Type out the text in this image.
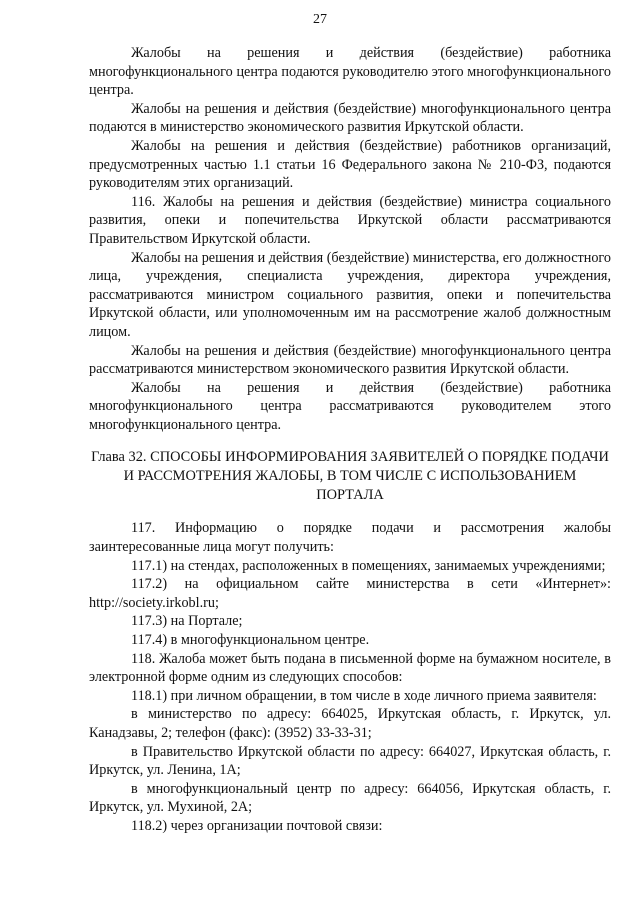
27

Жалобы на решения и действия (бездействие) работника многофункционального центра подаются руководителю этого многофункционального центра.

Жалобы на решения и действия (бездействие) многофункционального центра подаются в министерство экономического развития Иркутской области.

Жалобы на решения и действия (бездействие) работников организаций, предусмотренных частью 1.1 статьи 16 Федерального закона № 210-ФЗ, подаются руководителям этих организаций.

116. Жалобы на решения и действия (бездействие) министра социального развития, опеки и попечительства Иркутской области рассматриваются Правительством Иркутской области.

Жалобы на решения и действия (бездействие) министерства, его должностного лица, учреждения, специалиста учреждения, директора учреждения, рассматриваются министром социального развития, опеки и попечительства Иркутской области, или уполномоченным им на рассмотрение жалоб должностным лицом.

Жалобы на решения и действия (бездействие) многофункционального центра рассматриваются министерством экономического развития Иркутской области.

Жалобы на решения и действия (бездействие) работника многофункционального центра рассматриваются руководителем этого многофункционального центра.

Глава 32. СПОСОБЫ ИНФОРМИРОВАНИЯ ЗАЯВИТЕЛЕЙ О ПОРЯДКЕ ПОДАЧИ И РАССМОТРЕНИЯ ЖАЛОБЫ, В ТОМ ЧИСЛЕ С ИСПОЛЬЗОВАНИЕМ ПОРТАЛА

117. Информацию о порядке подачи и рассмотрения жалобы заинтересованные лица могут получить:

117.1) на стендах, расположенных в помещениях, занимаемых учреждениями;

117.2) на официальном сайте министерства в сети «Интернет»: http://society.irkobl.ru;

117.3) на Портале;

117.4) в многофункциональном центре.

118. Жалоба может быть подана в письменной форме на бумажном носителе, в электронной форме одним из следующих способов:

118.1) при личном обращении, в том числе в ходе личного приема заявителя:

в министерство по адресу: 664025, Иркутская область, г. Иркутск, ул. Канадзавы, 2; телефон (факс): (3952) 33-33-31;

в Правительство Иркутской области по адресу: 664027, Иркутская область, г. Иркутск, ул. Ленина, 1А;

в многофункциональный центр по адресу: 664056, Иркутская область, г. Иркутск, ул. Мухиной, 2А;

118.2) через организации почтовой связи:
